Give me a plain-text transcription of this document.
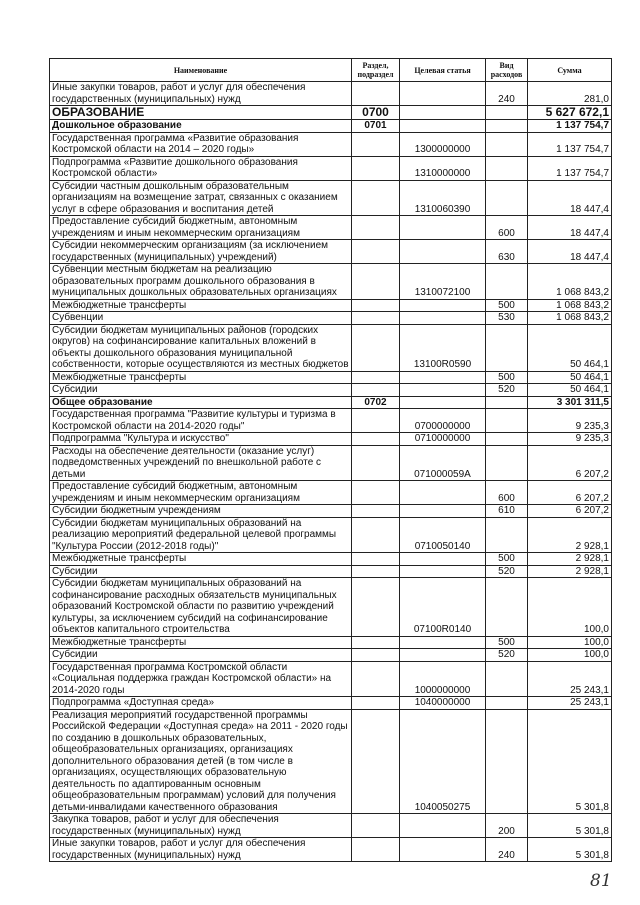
Наименование	Раздел, подраздел	Целевая статья	Вид расходов	Сумма
Иные закупки товаров, работ и услуг для обеспечения государственных (муниципальных) нужд			240	281,0
ОБРАЗОВАНИЕ	0700			5 627 672,1
Дошкольное образование	0701			1 137 754,7
Государственная программа «Развитие образования Костромской области на 2014 – 2020 годы»		1300000000		1 137 754,7
Подпрограмма «Развитие дошкольного образования Костромской области»		1310000000		1 137 754,7
Субсидии частным дошкольным образовательным организациям на возмещение затрат, связанных с оказанием услуг в сфере образования и воспитания детей		1310060390		18 447,4
Предоставление субсидий бюджетным, автономным учреждениям и иным некоммерческим организациям			600	18 447,4
Субсидии некоммерческим организациям (за исключением государственных (муниципальных) учреждений)			630	18 447,4
Субвенции местным бюджетам на реализацию образовательных программ дошкольного образования в муниципальных дошкольных образовательных организациях		1310072100		1 068 843,2
Межбюджетные трансферты			500	1 068 843,2
Субвенции			530	1 068 843,2
Субсидии бюджетам муниципальных районов (городских округов) на софинансирование капитальных вложений в объекты дошкольного образования муниципальной собственности, которые осуществляются из местных бюджетов		13100R0590		50 464,1
Межбюджетные трансферты			500	50 464,1
Субсидии			520	50 464,1
Общее образование	0702			3 301 311,5
Государственная программа "Развитие культуры и туризма в Костромской области на 2014-2020 годы"		0700000000		9 235,3
Подпрограмма "Культура и искусство"		0710000000		9 235,3
Расходы на обеспечение деятельности (оказание услуг) подведомственных учреждений по внешкольной работе с детьми		071000059А		6 207,2
Предоставление субсидий бюджетным, автономным учреждениям и иным некоммерческим организациям			600	6 207,2
Субсидии бюджетным учреждениям			610	6 207,2
Субсидии бюджетам муниципальных образований на реализацию мероприятий федеральной целевой программы "Культура России (2012-2018 годы)"		0710050140		2 928,1
Межбюджетные трансферты			500	2 928,1
Субсидии			520	2 928,1
Субсидии бюджетам муниципальных образований на софинансирование расходных обязательств муниципальных образований Костромской области по развитию учреждений культуры, за исключением субсидий на софинансирование объектов капитального строительства		07100R0140		100,0
Межбюджетные трансферты			500	100,0
Субсидии			520	100,0
Государственная программа Костромской области «Социальная поддержка граждан Костромской области» на 2014-2020 годы		1000000000		25 243,1
Подпрограмма «Доступная среда»		1040000000		25 243,1
Реализация мероприятий государственной программы Российской Федерации «Доступная среда» на 2011 - 2020 годы по созданию в дошкольных образовательных, общеобразовательных организациях, организациях дополнительного образования детей (в том числе в организациях, осуществляющих образовательную деятельность по адаптированным основным общеобразовательным программам) условий для получения детьми-инвалидами качественного образования		1040050275		5 301,8
Закупка товаров, работ и услуг для обеспечения государственных (муниципальных) нужд			200	5 301,8
Иные закупки товаров, работ и услуг для обеспечения государственных (муниципальных) нужд			240	5 301,8
81
